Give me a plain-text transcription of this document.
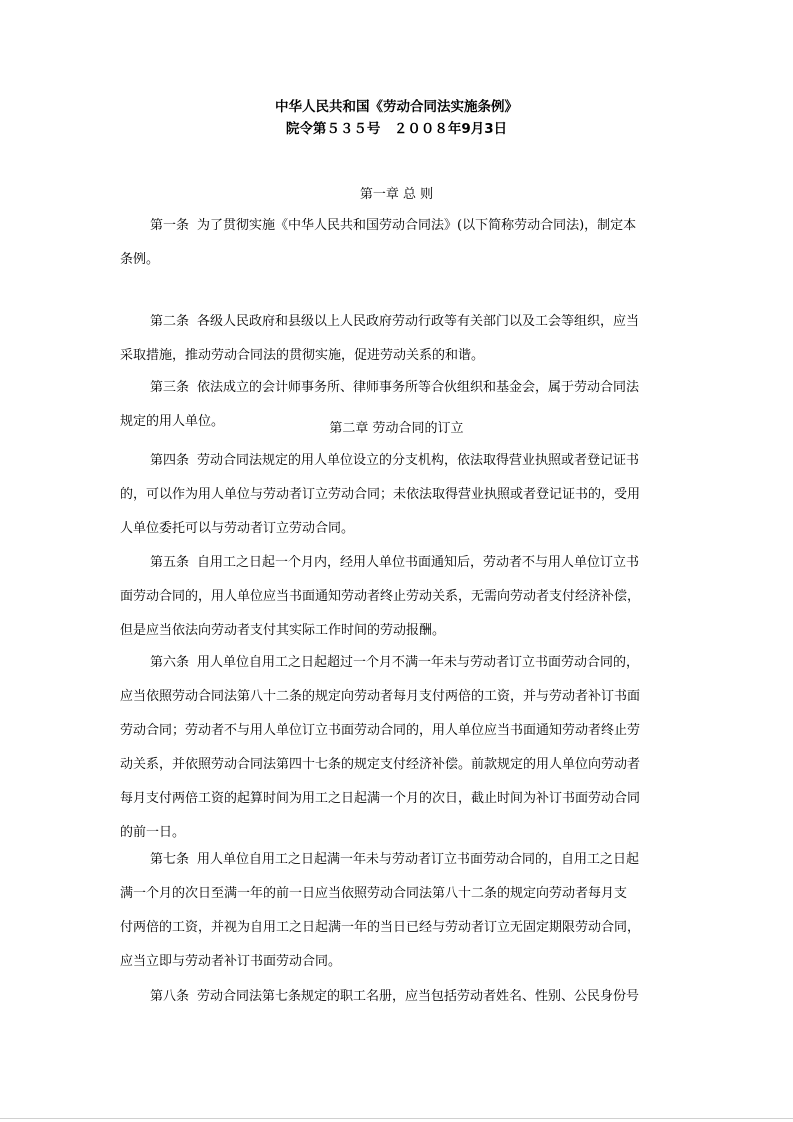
中华人民共和国《劳动合同法实施条例》
院令第５３５号　２００８年9月3日
第一章 总 则
第一条 为了贯彻实施《中华人民共和国劳动合同法》(以下简称劳动合同法)，制定本
条例。
第二条 各级人民政府和县级以上人民政府劳动行政等有关部门以及工会等组织，应当
采取措施，推动劳动合同法的贯彻实施，促进劳动关系的和谐。
第三条 依法成立的会计师事务所、律师事务所等合伙组织和基金会，属于劳动合同法
规定的用人单位。	第二章 劳动合同的订立
第四条 劳动合同法规定的用人单位设立的分支机构，依法取得营业执照或者登记证书
的，可以作为用人单位与劳动者订立劳动合同；未依法取得营业执照或者登记证书的，受用
人单位委托可以与劳动者订立劳动合同。
第五条 自用工之日起一个月内，经用人单位书面通知后，劳动者不与用人单位订立书
面劳动合同的，用人单位应当书面通知劳动者终止劳动关系，无需向劳动者支付经济补偿，
但是应当依法向劳动者支付其实际工作时间的劳动报酬。
第六条 用人单位自用工之日起超过一个月不满一年未与劳动者订立书面劳动合同的，
应当依照劳动合同法第八十二条的规定向劳动者每月支付两倍的工资，并与劳动者补订书面
劳动合同；劳动者不与用人单位订立书面劳动合同的，用人单位应当书面通知劳动者终止劳
动关系，并依照劳动合同法第四十七条的规定支付经济补偿。前款规定的用人单位向劳动者
每月支付两倍工资的起算时间为用工之日起满一个月的次日，截止时间为补订书面劳动合同
的前一日。
第七条 用人单位自用工之日起满一年未与劳动者订立书面劳动合同的，自用工之日起
满一个月的次日至满一年的前一日应当依照劳动合同法第八十二条的规定向劳动者每月支
付两倍的工资，并视为自用工之日起满一年的当日已经与劳动者订立无固定期限劳动合同，
应当立即与劳动者补订书面劳动合同。
第八条 劳动合同法第七条规定的职工名册，应当包括劳动者姓名、性别、公民身份号
